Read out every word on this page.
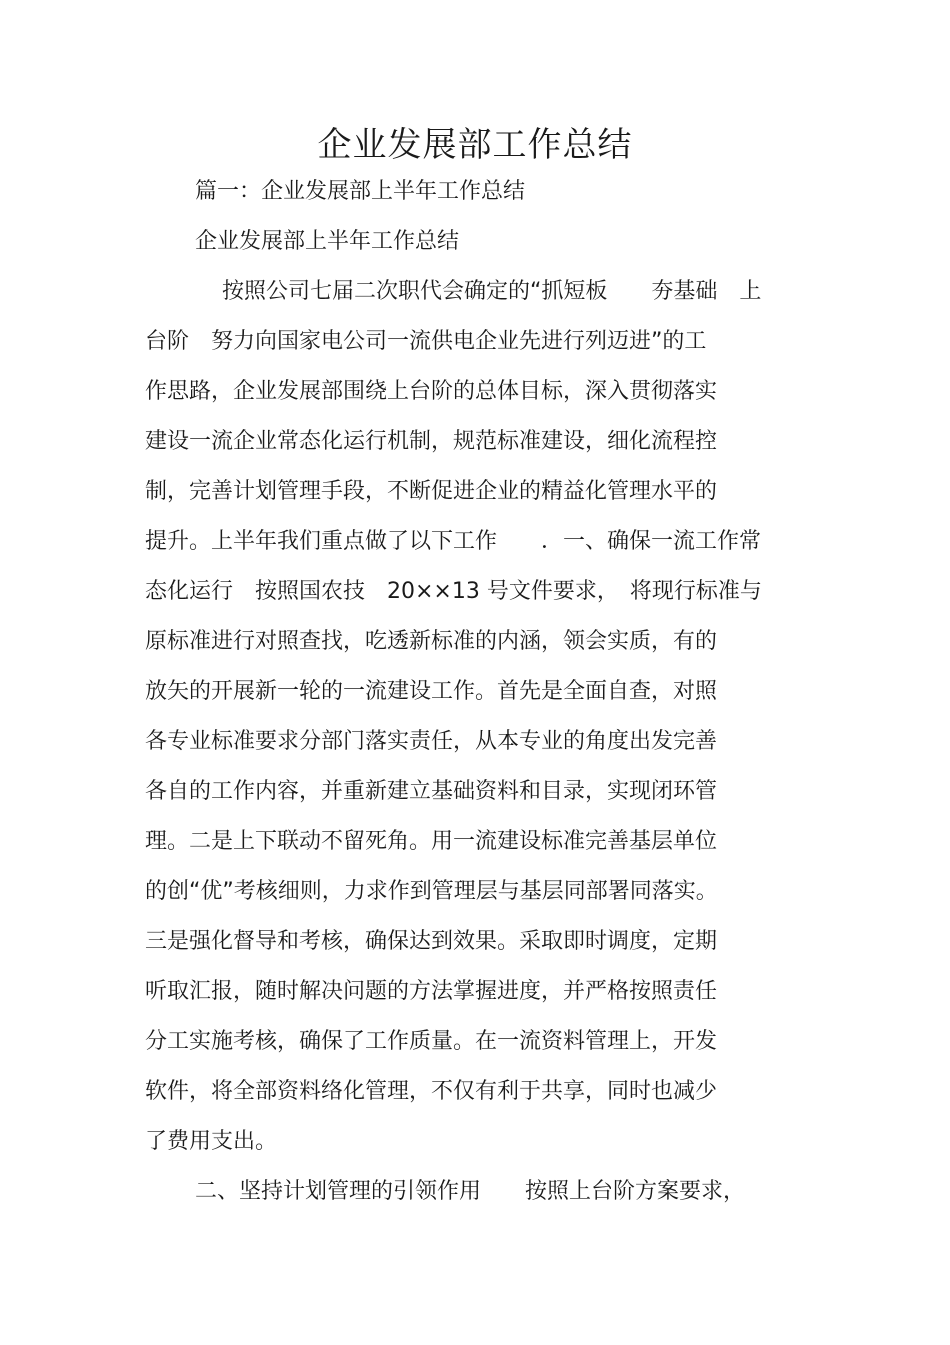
企业发展部工作总结

篇一：企业发展部上半年工作总结

企业发展部上半年工作总结

按照公司七届二次职代会确定的“抓短板　　夯基础　上

台阶　努力向国家电公司一流供电企业先进行列迈进”的工

作思路，企业发展部围绕上台阶的总体目标，深入贯彻落实

建设一流企业常态化运行机制，规范标准建设，细化流程控

制，完善计划管理手段，不断促进企业的精益化管理水平的

提升。上半年我们重点做了以下工作　　．一、确保一流工作常

态化运行　按照国农技　20××13 号文件要求，　将现行标准与

原标准进行对照查找，吃透新标准的内涵，领会实质，有的

放矢的开展新一轮的一流建设工作。首先是全面自查，对照

各专业标准要求分部门落实责任，从本专业的角度出发完善

各自的工作内容，并重新建立基础资料和目录，实现闭环管

理。二是上下联动不留死角。用一流建设标准完善基层单位

的创“优”考核细则，力求作到管理层与基层同部署同落实。

三是强化督导和考核，确保达到效果。采取即时调度，定期

听取汇报，随时解决问题的方法掌握进度，并严格按照责任

分工实施考核，确保了工作质量。在一流资料管理上，开发

软件，将全部资料络化管理，不仅有利于共享，同时也减少

了费用支出。

二、坚持计划管理的引领作用　　按照上台阶方案要求，
